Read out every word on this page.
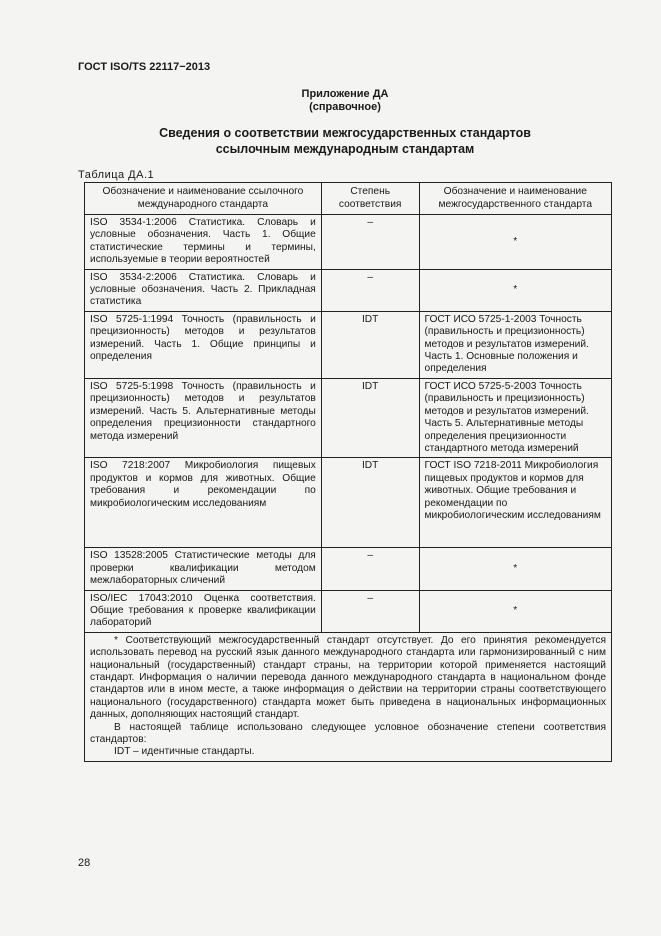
ГОСТ ISO/TS 22117−2013
Приложение ДА
(справочное)
Сведения о соответствии межгосударственных стандартов
ссылочным международным стандартам
Таблица ДА.1
Обозначение и наименование ссылочного международного стандарта	Степень соответствия	Обозначение и наименование межгосударственного стандарта
ISO 3534-1:2006 Статистика. Словарь и условные обозначения. Часть 1. Общие статистические термины и термины, используемые в теории вероятностей	–	*
ISO 3534-2:2006 Статистика. Словарь и условные обозначения. Часть 2. Прикладная статистика	–	*
ISO 5725-1:1994 Точность (правильность и прецизионность) методов и результатов измерений. Часть 1. Общие принципы и определения	IDT	ГОСТ ИСО 5725-1-2003 Точность (правильность и прецизионность) методов и результатов измерений. Часть 1. Основные положения и определения
ISO 5725-5:1998 Точность (правильность и прецизионность) методов и результатов измерений. Часть 5. Альтернативные методы определения прецизионности стандартного метода измерений	IDT	ГОСТ ИСО 5725-5-2003 Точность (правильность и прецизионность) методов и результатов измерений. Часть 5. Альтернативные методы определения прецизионности стандартного метода измерений
ISO 7218:2007 Микробиология пищевых продуктов и кормов для животных. Общие требования и рекомендации по микробиологическим исследованиям	IDT	ГОСТ ISO 7218-2011 Микробиология пищевых продуктов и кормов для животных. Общие требования и рекомендации по микробиологическим исследованиям
ISO 13528:2005 Статистические методы для проверки квалификации методом межлабораторных сличений	–	*
ISO/IEC 17043:2010 Оценка соответствия. Общие требования к проверке квалификации лабораторий	–	*

* Соответствующий межгосударственный стандарт отсутствует. До его принятия рекомендуется использовать перевод на русский язык данного международного стандарта или гармонизированный с ним национальный (государственный) стандарт страны, на территории которой применяется настоящий стандарт. Информация о наличии перевода данного международного стандарта в национальном фонде стандартов или в ином месте, а также информация о действии на территории страны соответствующего национального (государственного) стандарта может быть приведена в национальных информационных данных, дополняющих настоящий стандарт.

В настоящей таблице использовано следующее условное обозначение степени соответствия стандартов:

IDT – идентичные стандарты.		

28
